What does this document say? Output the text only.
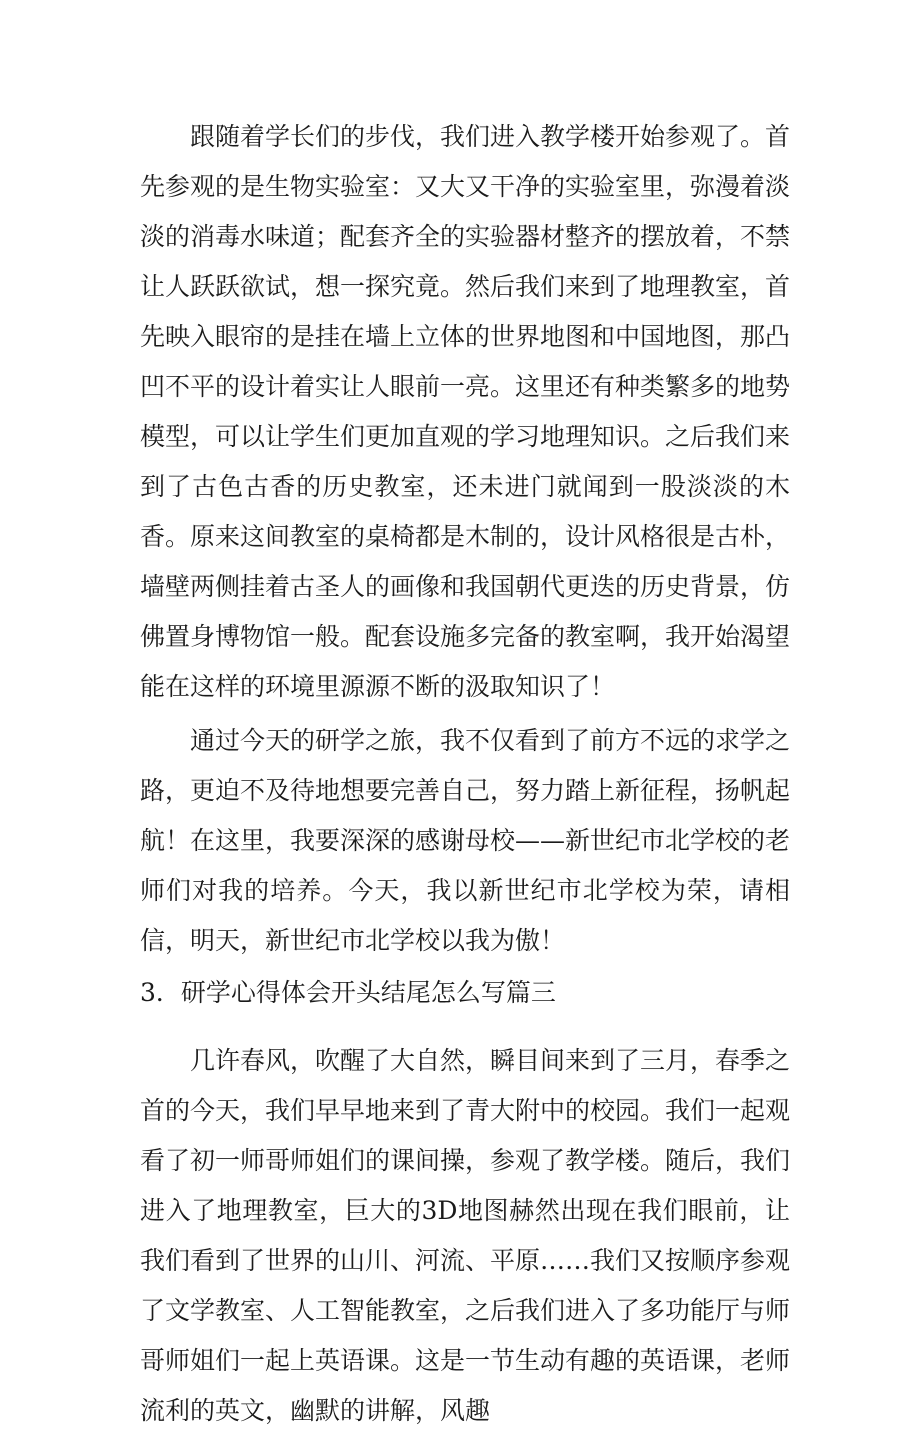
跟随着学长们的步伐，我们进入教学楼开始参观了。首先参观的是生物实验室：又大又干净的实验室里，弥漫着淡淡的消毒水味道；配套齐全的实验器材整齐的摆放着，不禁让人跃跃欲试，想一探究竟。然后我们来到了地理教室，首先映入眼帘的是挂在墙上立体的世界地图和中国地图，那凸凹不平的设计着实让人眼前一亮。这里还有种类繁多的地势模型，可以让学生们更加直观的学习地理知识。之后我们来到了古色古香的历史教室，还未进门就闻到一股淡淡的木香。原来这间教室的桌椅都是木制的，设计风格很是古朴，墙壁两侧挂着古圣人的画像和我国朝代更迭的历史背景，仿佛置身博物馆一般。配套设施多完备的教室啊，我开始渴望能在这样的环境里源源不断的汲取知识了！

通过今天的研学之旅，我不仅看到了前方不远的求学之路，更迫不及待地想要完善自己，努力踏上新征程，扬帆起航！在这里，我要深深的感谢母校——新世纪市北学校的老师们对我的培养。今天，我以新世纪市北学校为荣，请相信，明天，新世纪市北学校以我为傲！

3．研学心得体会开头结尾怎么写篇三

几许春风，吹醒了大自然，瞬目间来到了三月，春季之首的今天，我们早早地来到了青大附中的校园。我们一起观看了初一师哥师姐们的课间操，参观了教学楼。随后，我们进入了地理教室，巨大的3D地图赫然出现在我们眼前，让我们看到了世界的山川、河流、平原……我们又按顺序参观了文学教室、人工智能教室，之后我们进入了多功能厅与师哥师姐们一起上英语课。这是一节生动有趣的英语课，老师流利的英文，幽默的讲解，风趣
